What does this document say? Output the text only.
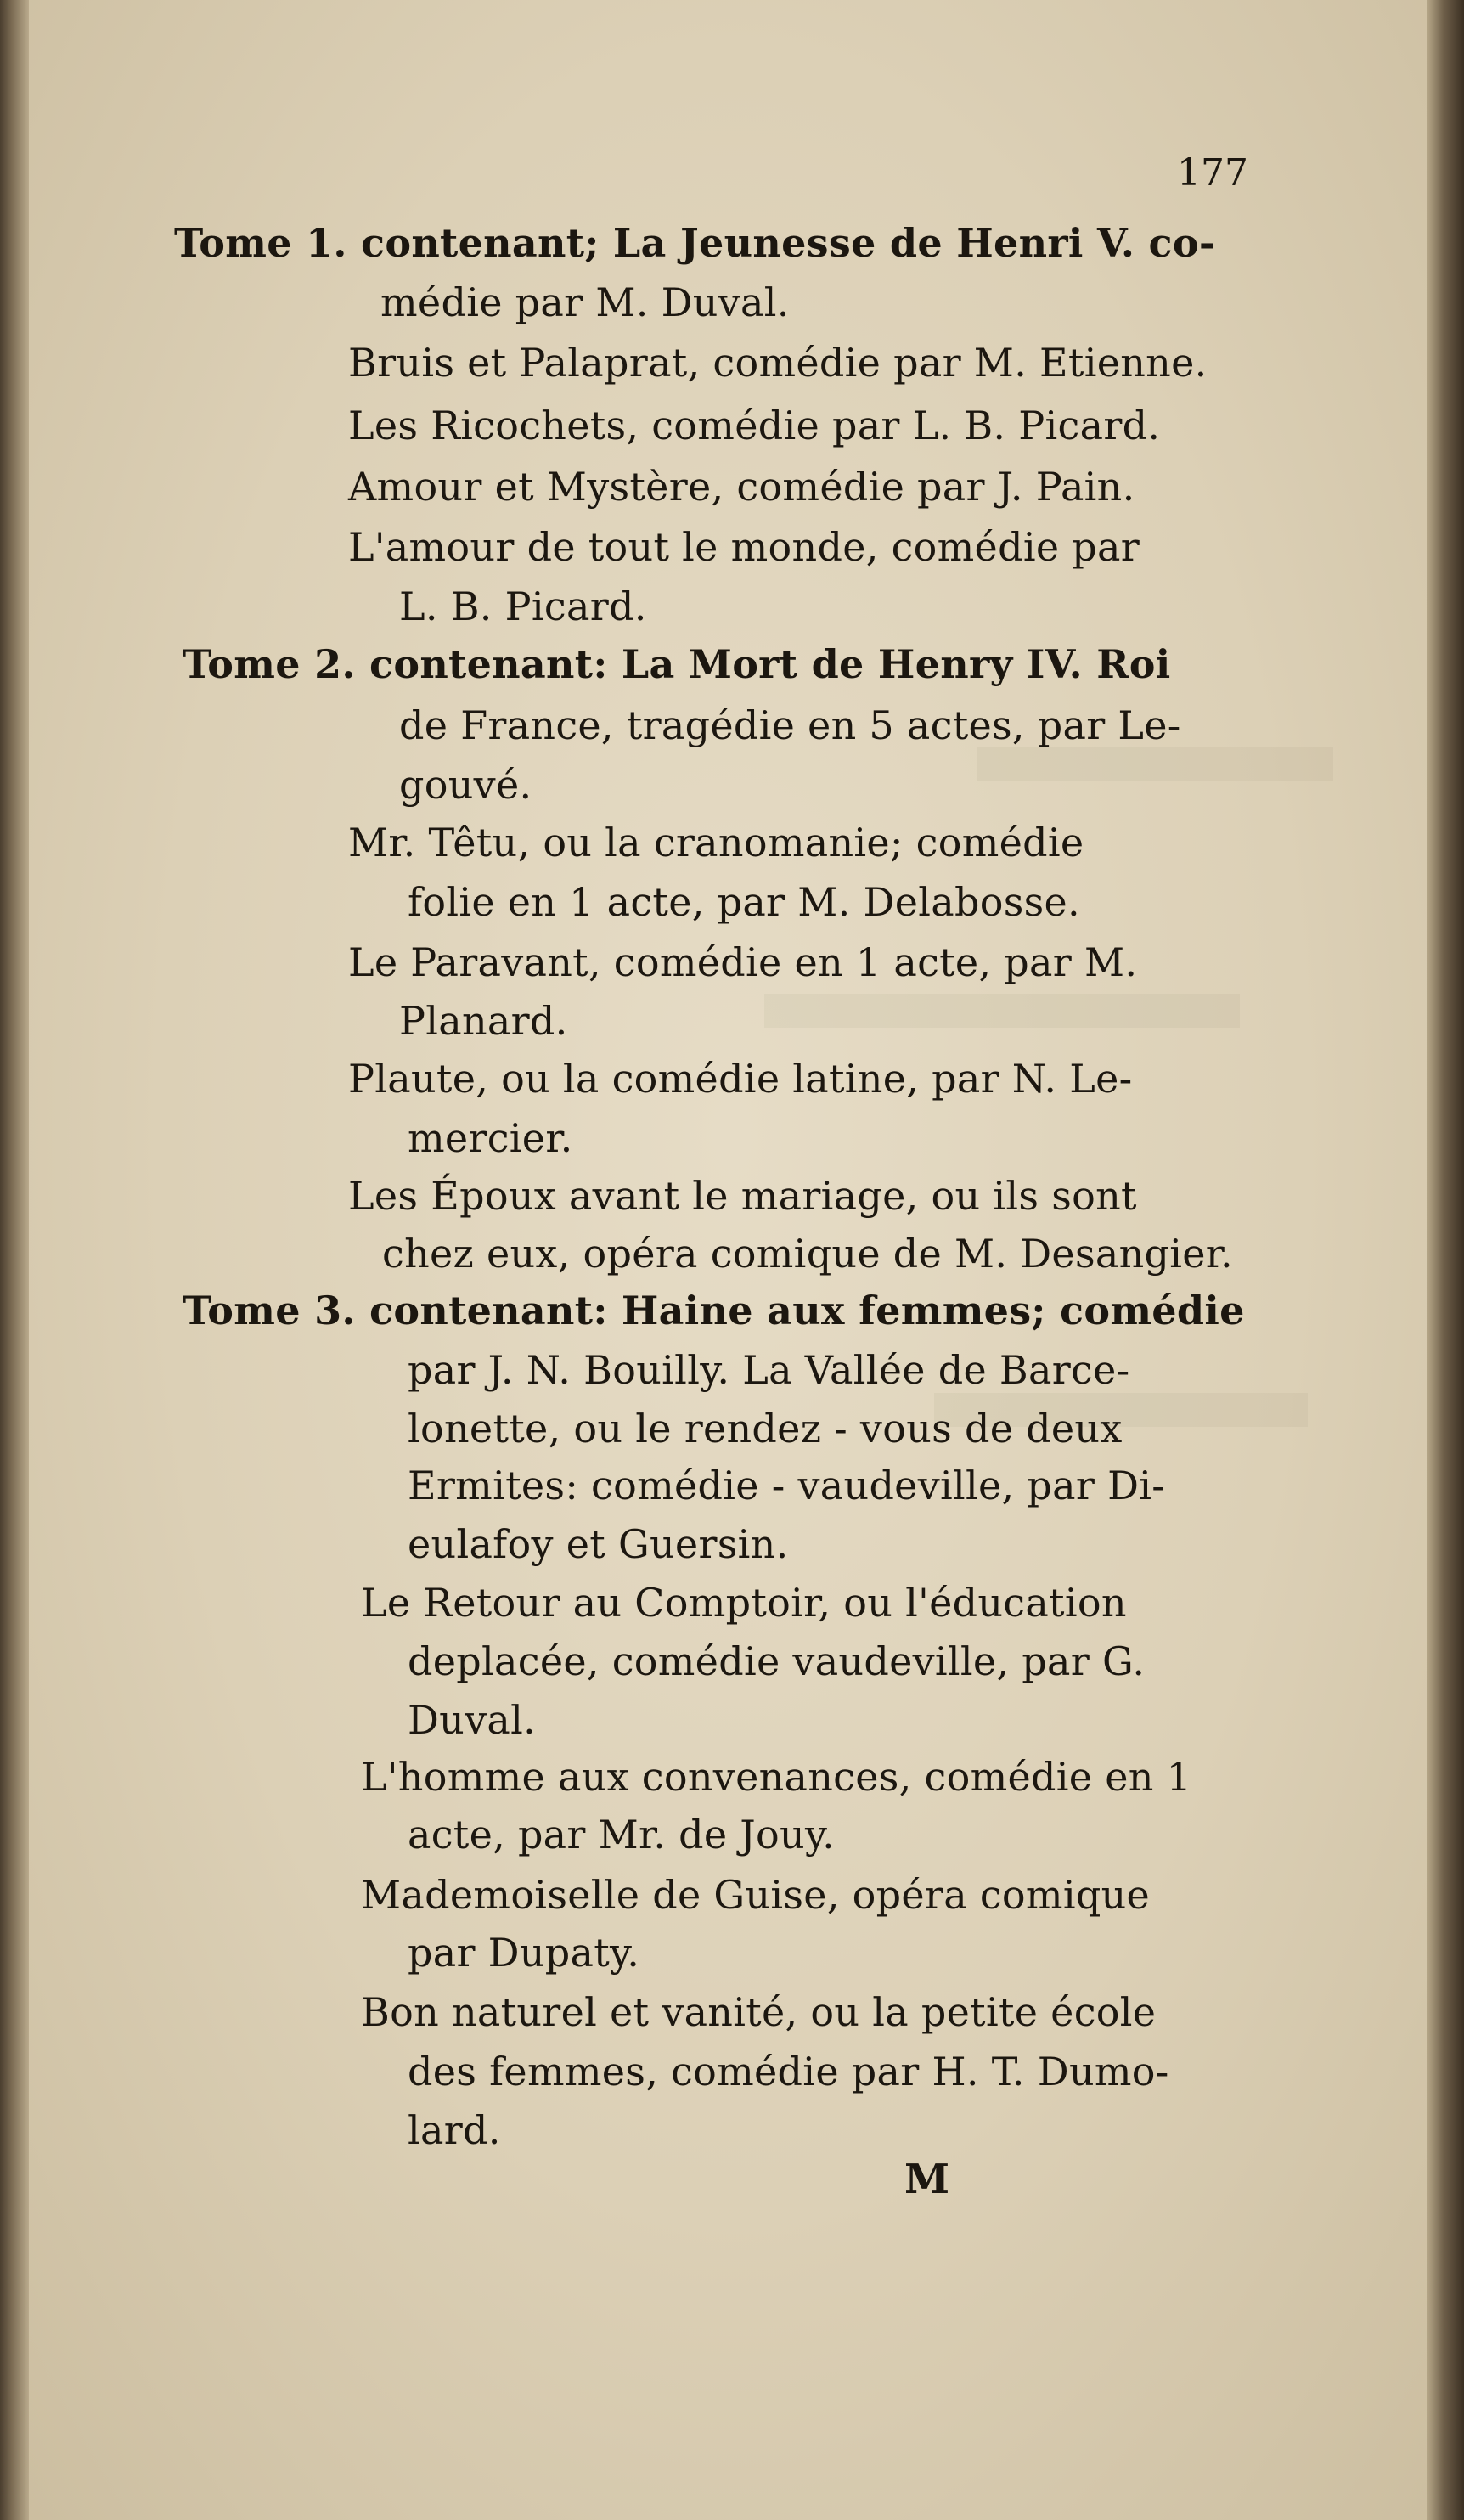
177
Tome 1. contenant; La Jeunesse de Henri V. co-
médie par M. Duval.
Bruis et Palaprat, comédie par M. Etienne.
Les Ricochets, comédie par L. B. Picard.
Amour et Mystère, comédie par J. Pain.
L'amour de tout le monde, comédie par
L. B. Picard.
Tome 2. contenant: La Mort de Henry IV. Roi
de France, tragédie en 5 actes, par Le-
gouvé.
Mr. Têtu, ou la cranomanie; comédie
folie en 1 acte, par M. Delabosse.
Le Paravant, comédie en 1 acte, par M.
Planard.
Plaute, ou la comédie latine, par N. Le-
mercier.
Les Époux avant le mariage, ou ils sont
chez eux, opéra comique de M. Desangier.
Tome 3. contenant: Haine aux femmes; comédie
par J. N. Bouilly. La Vallée de Barce-
lonette, ou le rendez - vous de deux
Ermites: comédie - vaudeville, par Di-
eulafoy et Guersin.
Le Retour au Comptoir, ou l'éducation
deplacée, comédie vaudeville, par G.
Duval.
L'homme aux convenances, comédie en 1
acte, par Mr. de Jouy.
Mademoiselle de Guise, opéra comique
par Dupaty.
Bon naturel et vanité, ou la petite école
des femmes, comédie par H. T. Dumo-
lard.
M
